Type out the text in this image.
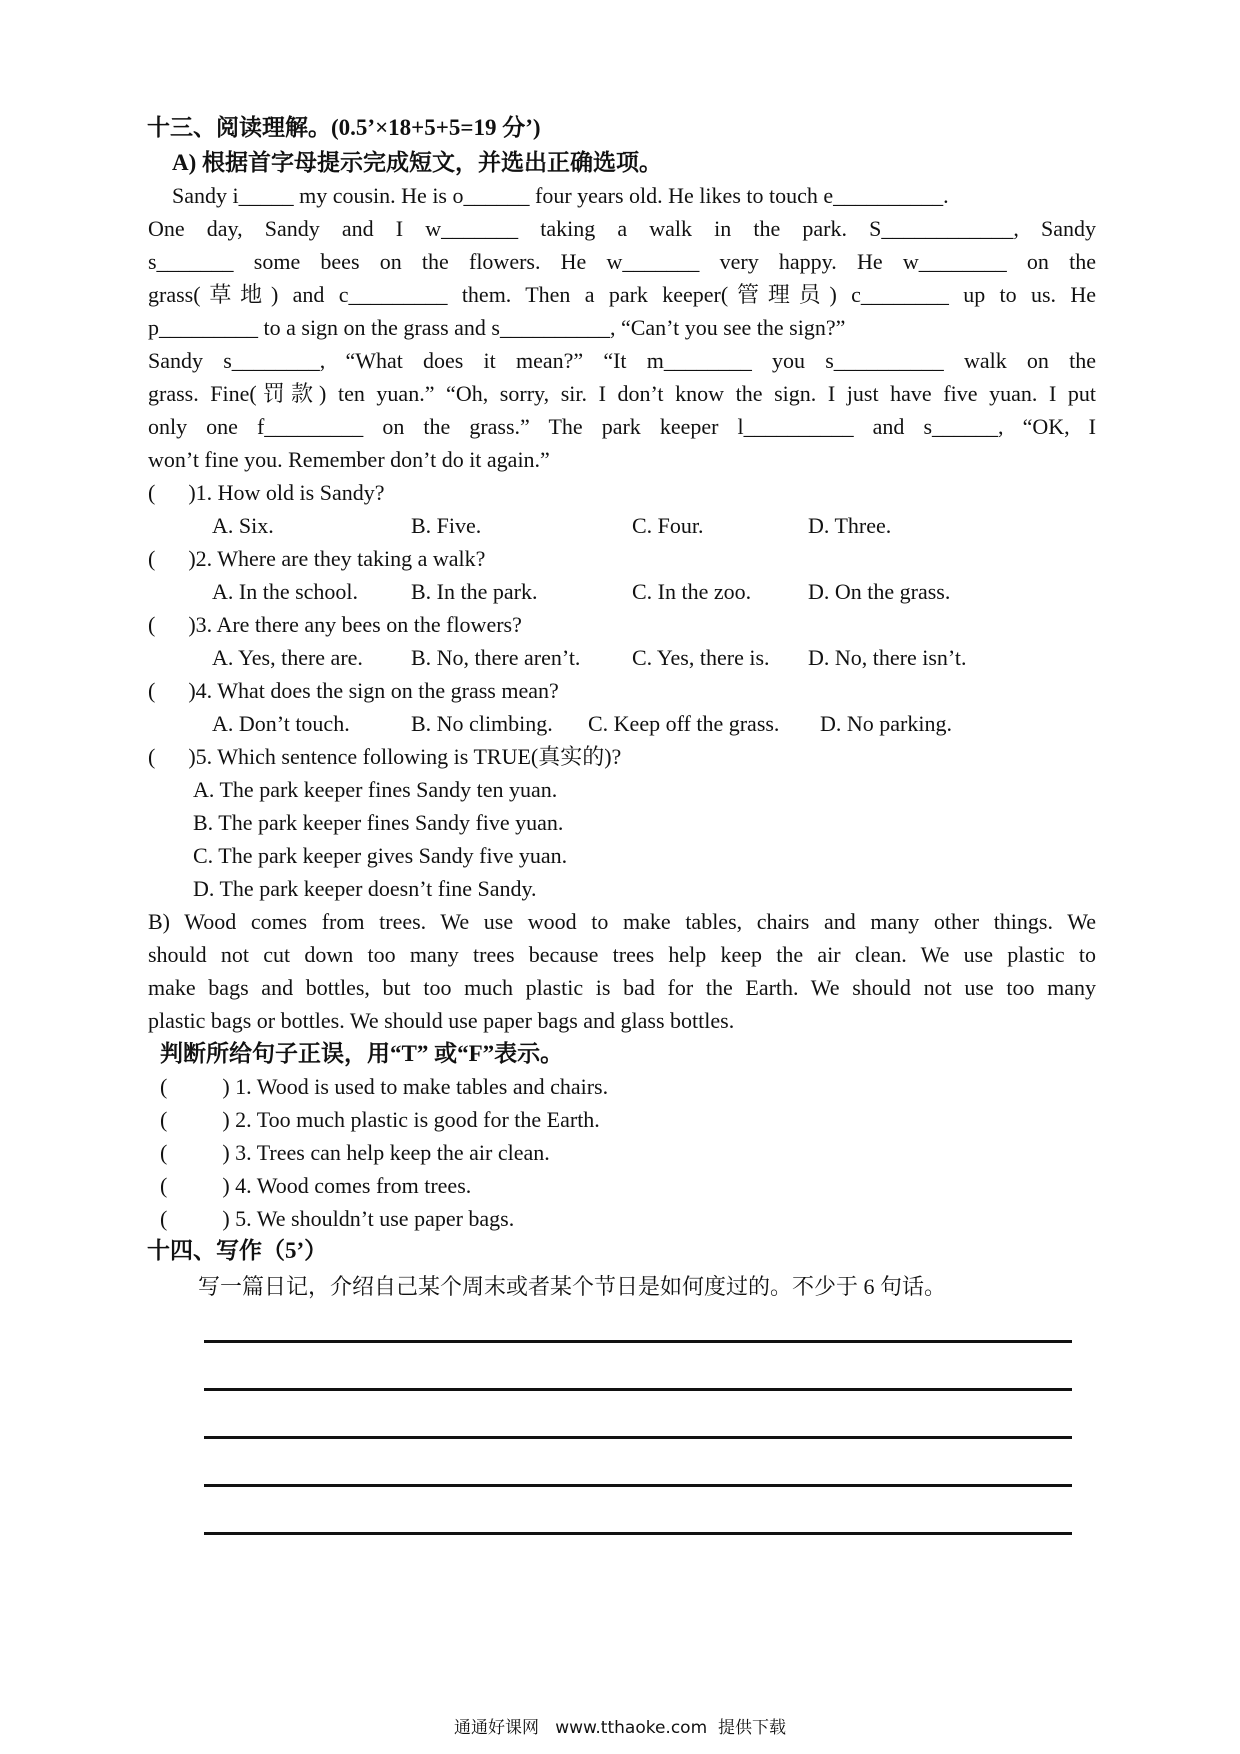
十三、阅读理解。(0.5’×18+5+5=19 分’)
A) 根据首字母提示完成短文，并选出正确选项。
Sandy i_____ my cousin. He is o______ four years old. He likes to touch e__________.
One day, Sandy and I w_______ taking a walk in the park. S____________, Sandy
s_______ some bees on the flowers. He w_______ very happy. He w________ on the
grass(草地) and c_________ them. Then a park keeper(管理员) c________ up to us. He
p_________ to a sign on the grass and s__________, “Can’t you see the sign?”
Sandy s________, “What does it mean?” “It m________ you s__________ walk on the
grass. Fine(罚款) ten yuan.” “Oh, sorry, sir. I don’t know the sign. I just have five yuan. I put
only one f_________ on the grass.” The park keeper l__________ and s______, “OK, I
won’t fine you. Remember don’t do it again.”
(      )1. How old is Sandy?
A. Six.	B. Five.	C. Four.	D. Three.
(      )2. Where are they taking a walk?
A. In the school. B. In the park.	C. In the zoo.	D. On the grass.
(      )3. Are there any bees on the flowers?
A. Yes, there are. B. No, there aren’t. C. Yes, there is. D. No, there isn’t.
(      )4. What does the sign on the grass mean?
A. Don’t touch.	B. No climbing. C. Keep off the grass. D. No parking.
(      )5. Which sentence following is TRUE(真实的)?
A. The park keeper fines Sandy ten yuan.
B. The park keeper fines Sandy five yuan.
C. The park keeper gives Sandy five yuan.
D. The park keeper doesn’t fine Sandy.
B) Wood comes from trees. We use wood to make tables, chairs and many other things. We
should not cut down too many trees because trees help keep the air clean. We use plastic to
make bags and bottles, but too much plastic is bad for the Earth. We should not use too many
plastic bags or bottles. We should use paper bags and glass bottles.
判断所给句子正误，用“T” 或“F”表示。
(          ) 1. Wood is used to make tables and chairs.
(          ) 2. Too much plastic is good for the Earth.
(          ) 3. Trees can help keep the air clean.
(          ) 4. Wood comes from trees.
(          ) 5. We shouldn’t use paper bags.
十四、写作（5’）
写一篇日记，介绍自己某个周末或者某个节日是如何度过的。不少于 6 句话。
通通好课网   www.tthaoke.com  提供下载
